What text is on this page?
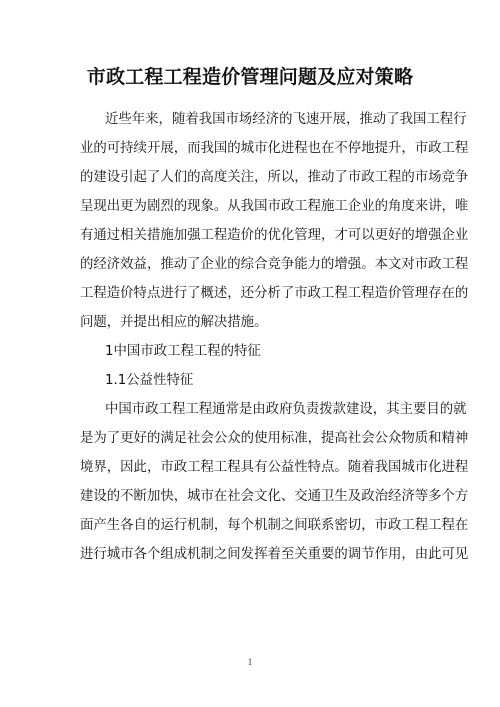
市政工程工程造价管理问题及应对策略
近些年来，随着我国市场经济的飞速开展，推动了我国工程行
业的可持续开展，而我国的城市化进程也在不停地提升，市政工程
的建设引起了人们的高度关注，所以，推动了市政工程的市场竞争
呈现出更为剧烈的现象。从我国市政工程施工企业的角度来讲，唯
有通过相关措施加强工程造价的优化管理，才可以更好的增强企业
的经济效益，推动了企业的综合竞争能力的增强。本文对市政工程
工程造价特点进行了概述，还分析了市政工程工程造价管理存在的
问题，并提出相应的解决措施。
1中国市政工程工程的特征
1.1公益性特征
中国市政工程工程通常是由政府负责拨款建设，其主要目的就
是为了更好的满足社会公众的使用标准，提高社会公众物质和精神
境界，因此，市政工程工程具有公益性特点。随着我国城市化进程
建设的不断加快，城市在社会文化、交通卫生及政治经济等多个方
面产生各自的运行机制，每个机制之间联系密切，市政工程工程在
进行城市各个组成机制之间发挥着至关重要的调节作用，由此可见
1
